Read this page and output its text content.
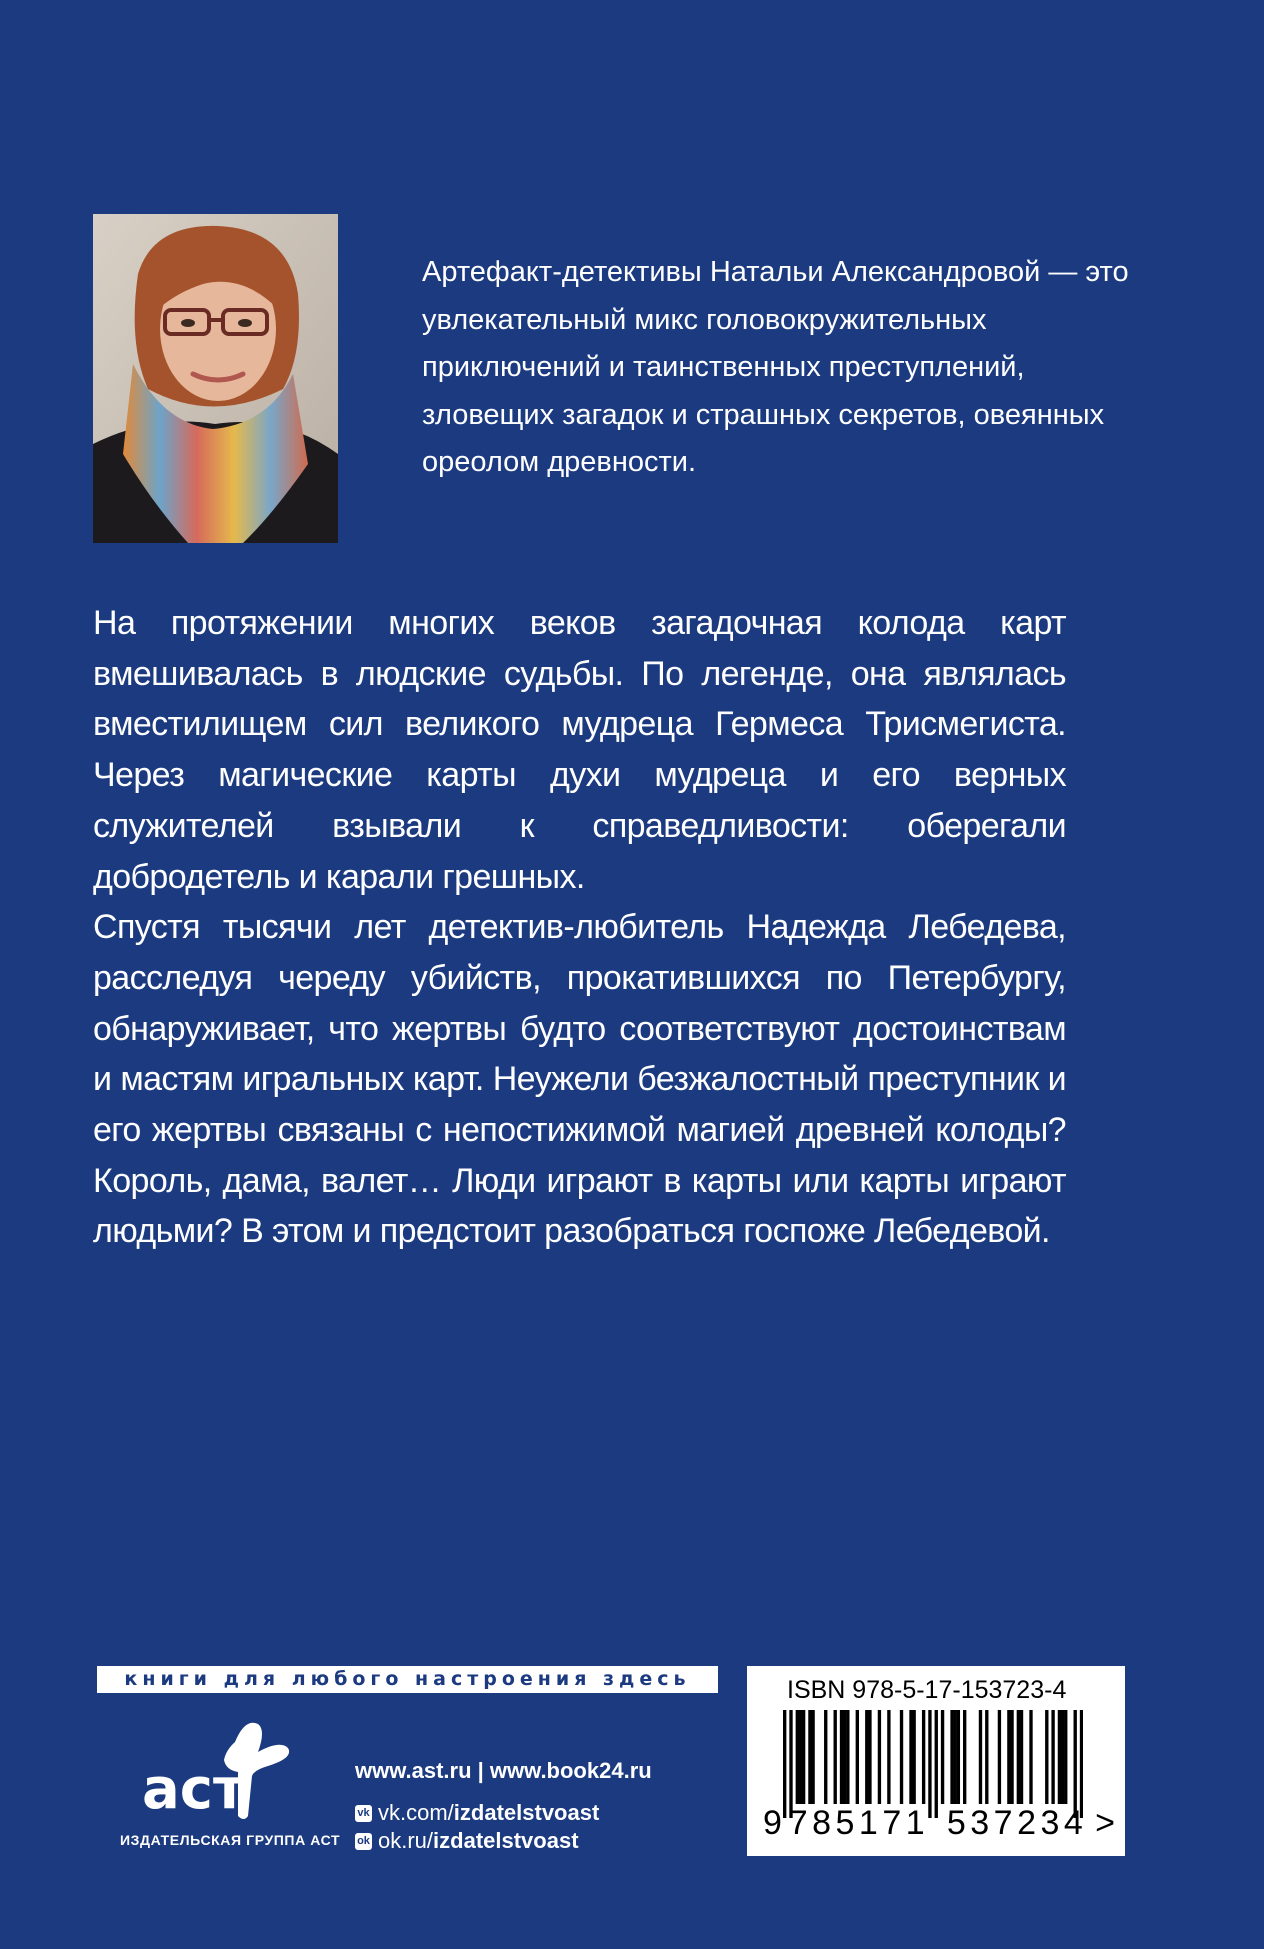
Артефакт-детективы Натальи Александровой — это увлекательный микс головокружительных приключений и таинственных преступлений, зловещих загадок и страшных секретов, овеянных ореолом древности.

На протяжении многих веков загадочная колода карт вмешивалась в людские судьбы. По легенде, она являлась вместилищем сил великого мудреца Гермеса Трисмегиста. Через магические карты духи мудреца и его верных служителей взывали к справедливости: оберегали добродетель и карали грешных.

Спустя тысячи лет детектив-любитель Надежда Лебедева, расследуя череду убийств, прокатившихся по Петербургу, обнаруживает, что жертвы будто соответствуют достоинствам и мастям игральных карт. Неужели безжалостный преступник и его жертвы связаны с непостижимой магией древней колоды? Король, дама, валет… Люди играют в карты или карты играют людьми? В этом и предстоит разобраться госпоже Лебедевой.

книги для любого настроения здесь
аст
ИЗДАТЕЛЬСКАЯ ГРУППА АСТ
www.ast.ru | www.book24.ru
vk vk.com/ izdatelstvoast
ok ok.ru/ izdatelstvoast
ISBN 978-5-17-153723-4
9 785171 537234 >
